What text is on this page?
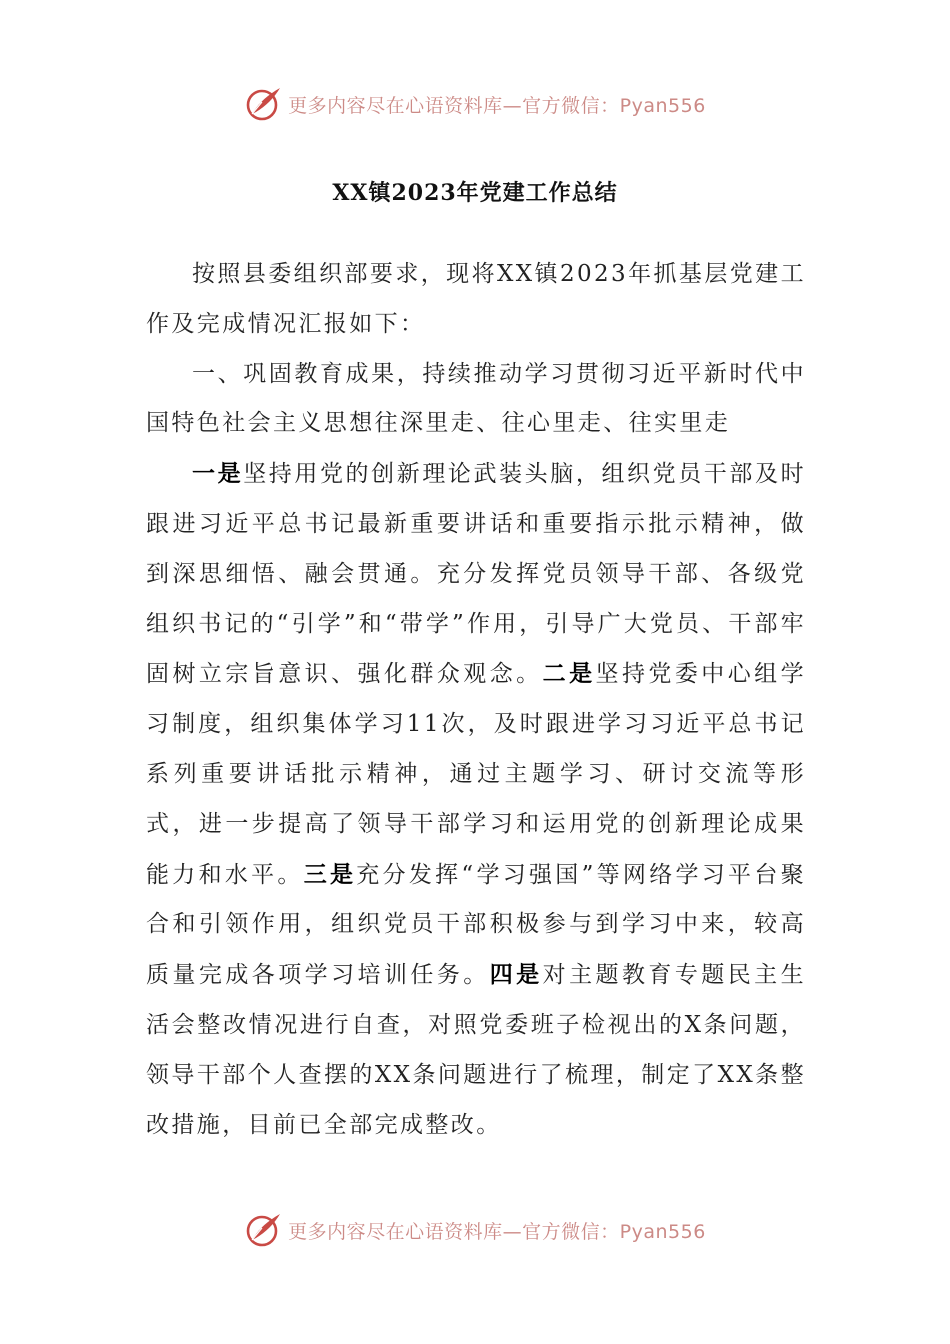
更多内容尽在心语资料库—官方微信：Pyan556
XX镇2023年党建工作总结

按照县委组织部要求，现将XX镇2023年抓基层党建工作及完成情况汇报如下：

一、巩固教育成果，持续推动学习贯彻习近平新时代中国特色社会主义思想往深里走、往心里走、往实里走

一是坚持用党的创新理论武装头脑，组织党员干部及时跟进习近平总书记最新重要讲话和重要指示批示精神，做到深思细悟、融会贯通。充分发挥党员领导干部、各级党组织书记的“引学”和“带学”作用，引导广大党员、干部牢固树立宗旨意识、强化群众观念。二是坚持党委中心组学习制度，组织集体学习11次，及时跟进学习习近平总书记系列重要讲话批示精神，通过主题学习、研讨交流等形式，进一步提高了领导干部学习和运用党的创新理论成果能力和水平。三是充分发挥“学习强国”等网络学习平台聚合和引领作用，组织党员干部积极参与到学习中来，较高质量完成各项学习培训任务。四是对主题教育专题民主生活会整改情况进行自查，对照党委班子检视出的X条问题，领导干部个人查摆的XX条问题进行了梳理，制定了XX条整改措施，目前已全部完成整改。

更多内容尽在心语资料库—官方微信：Pyan556
